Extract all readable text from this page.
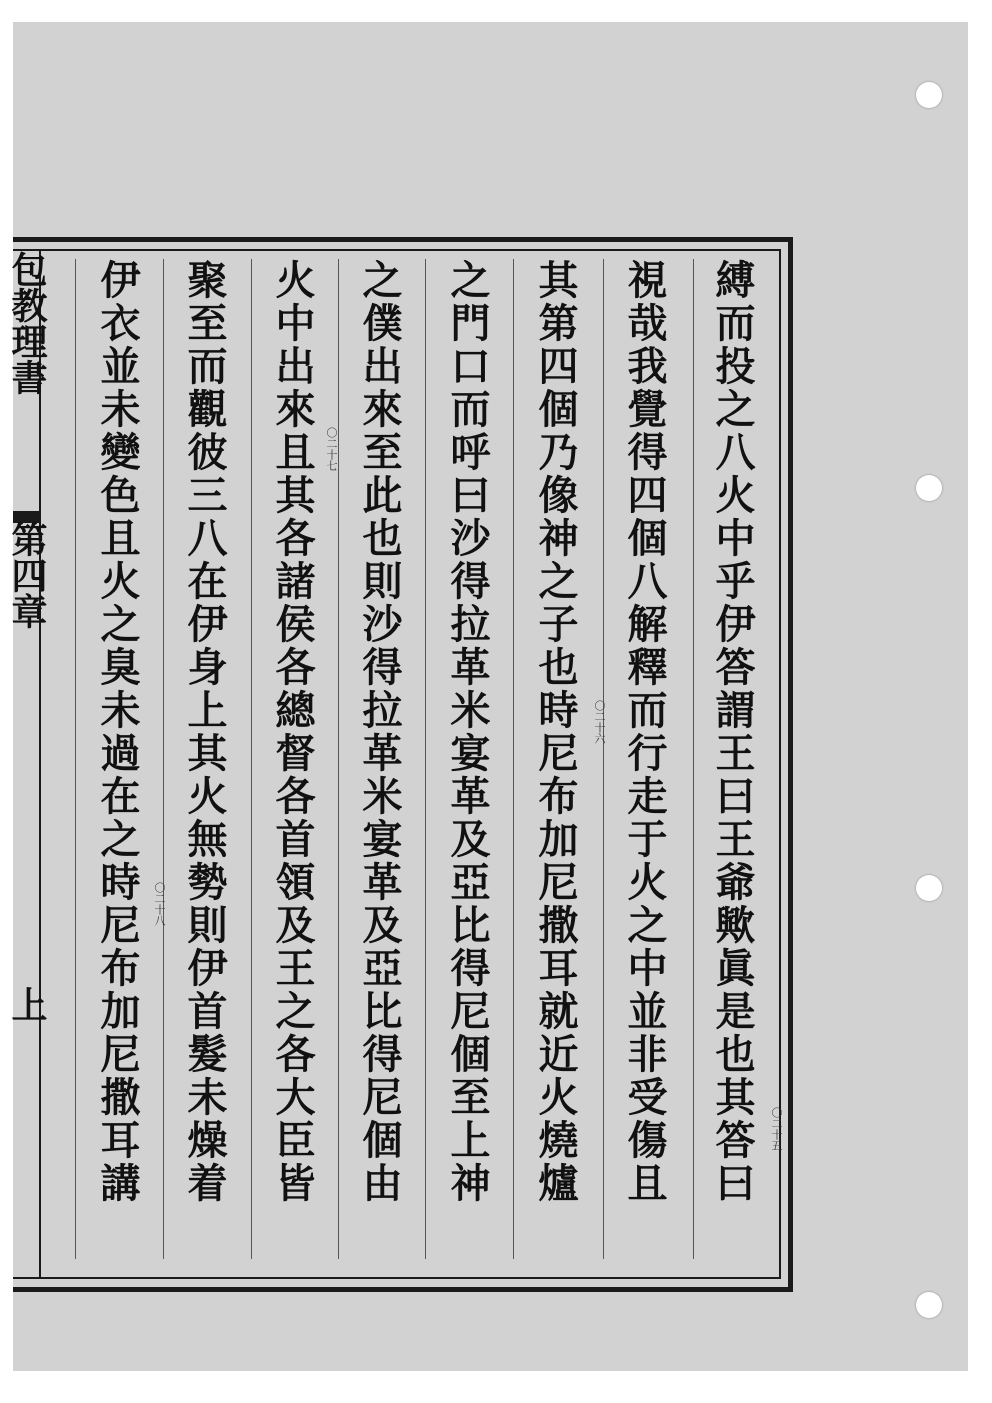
包教理書
第四章
上	縛而投之八火中乎伊答謂王曰王爺歟眞是也其答曰
視哉我覺得四個八解釋而行走于火之中並非受傷且
其第四個乃像神之子也時尼布加尼撒耳就近火燒爐
之門口而呼曰沙得拉革米宴革及亞比得尼個至上神
之僕出來至此也則沙得拉革米宴革及亞比得尼個由
火中出來且其各諸侯各總督各首領及王之各大臣皆
聚至而觀彼三八在伊身上其火無勢則伊首髮未燥着
伊衣並未變色且火之臭未過在之時尼布加尼撒耳講	〇二十五
〇二十六
〇二十七
〇二十八
